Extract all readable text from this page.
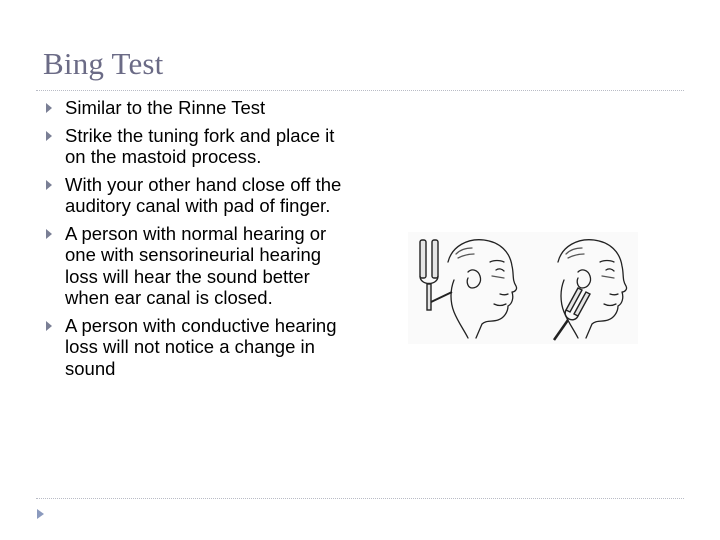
Bing Test
Similar to the Rinne Test
Strike the tuning fork and place it on the mastoid process.
With your other hand close off the auditory canal with pad of finger.
A person with normal hearing or one with sensorineurial hearing loss will hear the sound better when ear canal is closed.
A person with conductive hearing loss will not notice a change in sound
